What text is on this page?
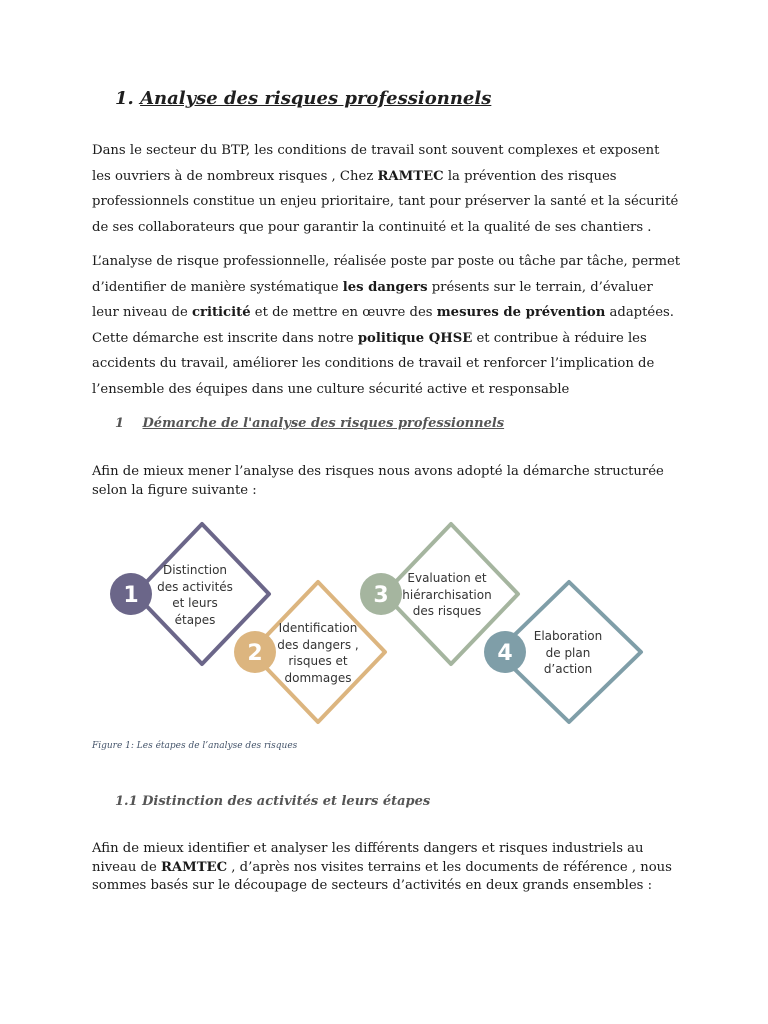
1. Analyse des risques professionnels
Dans le secteur du BTP, les conditions de travail sont souvent complexes et exposent les ouvriers à de nombreux risques , Chez RAMTEC la prévention des risques professionnels constitue un enjeu prioritaire, tant pour préserver la santé et la sécurité de ses collaborateurs que pour garantir la continuité et la qualité de ses chantiers .
L’analyse de risque professionnelle, réalisée poste par poste ou tâche par tâche, permet d’identifier de manière systématique les dangers présents sur le terrain, d’évaluer leur niveau de criticité et de mettre en œuvre des mesures de prévention adaptées. Cette démarche est inscrite dans notre politique QHSE et contribue à réduire les accidents du travail, améliorer les conditions de travail et renforcer l’implication de l’ensemble des équipes dans une culture sécurité active et responsable
1 Démarche de l'analyse des risques professionnels
Afin de mieux mener l’analyse des risques nous avons adopté la démarche structurée selon la figure suivante :
1
Distinction
des activités
et leurs
étapes
2
Identification
des dangers ,
risques et
dommages
3
Evaluation et
hiérarchisation
des risques
4
Elaboration
de plan
d’action
Figure 1: Les étapes de l’analyse des risques
1.1 Distinction des activités et leurs étapes
Afin de mieux identifier et analyser les différents dangers et risques industriels au niveau de RAMTEC , d’après nos visites terrains et les documents de référence , nous sommes basés sur le découpage de secteurs d’activités en deux grands ensembles :
